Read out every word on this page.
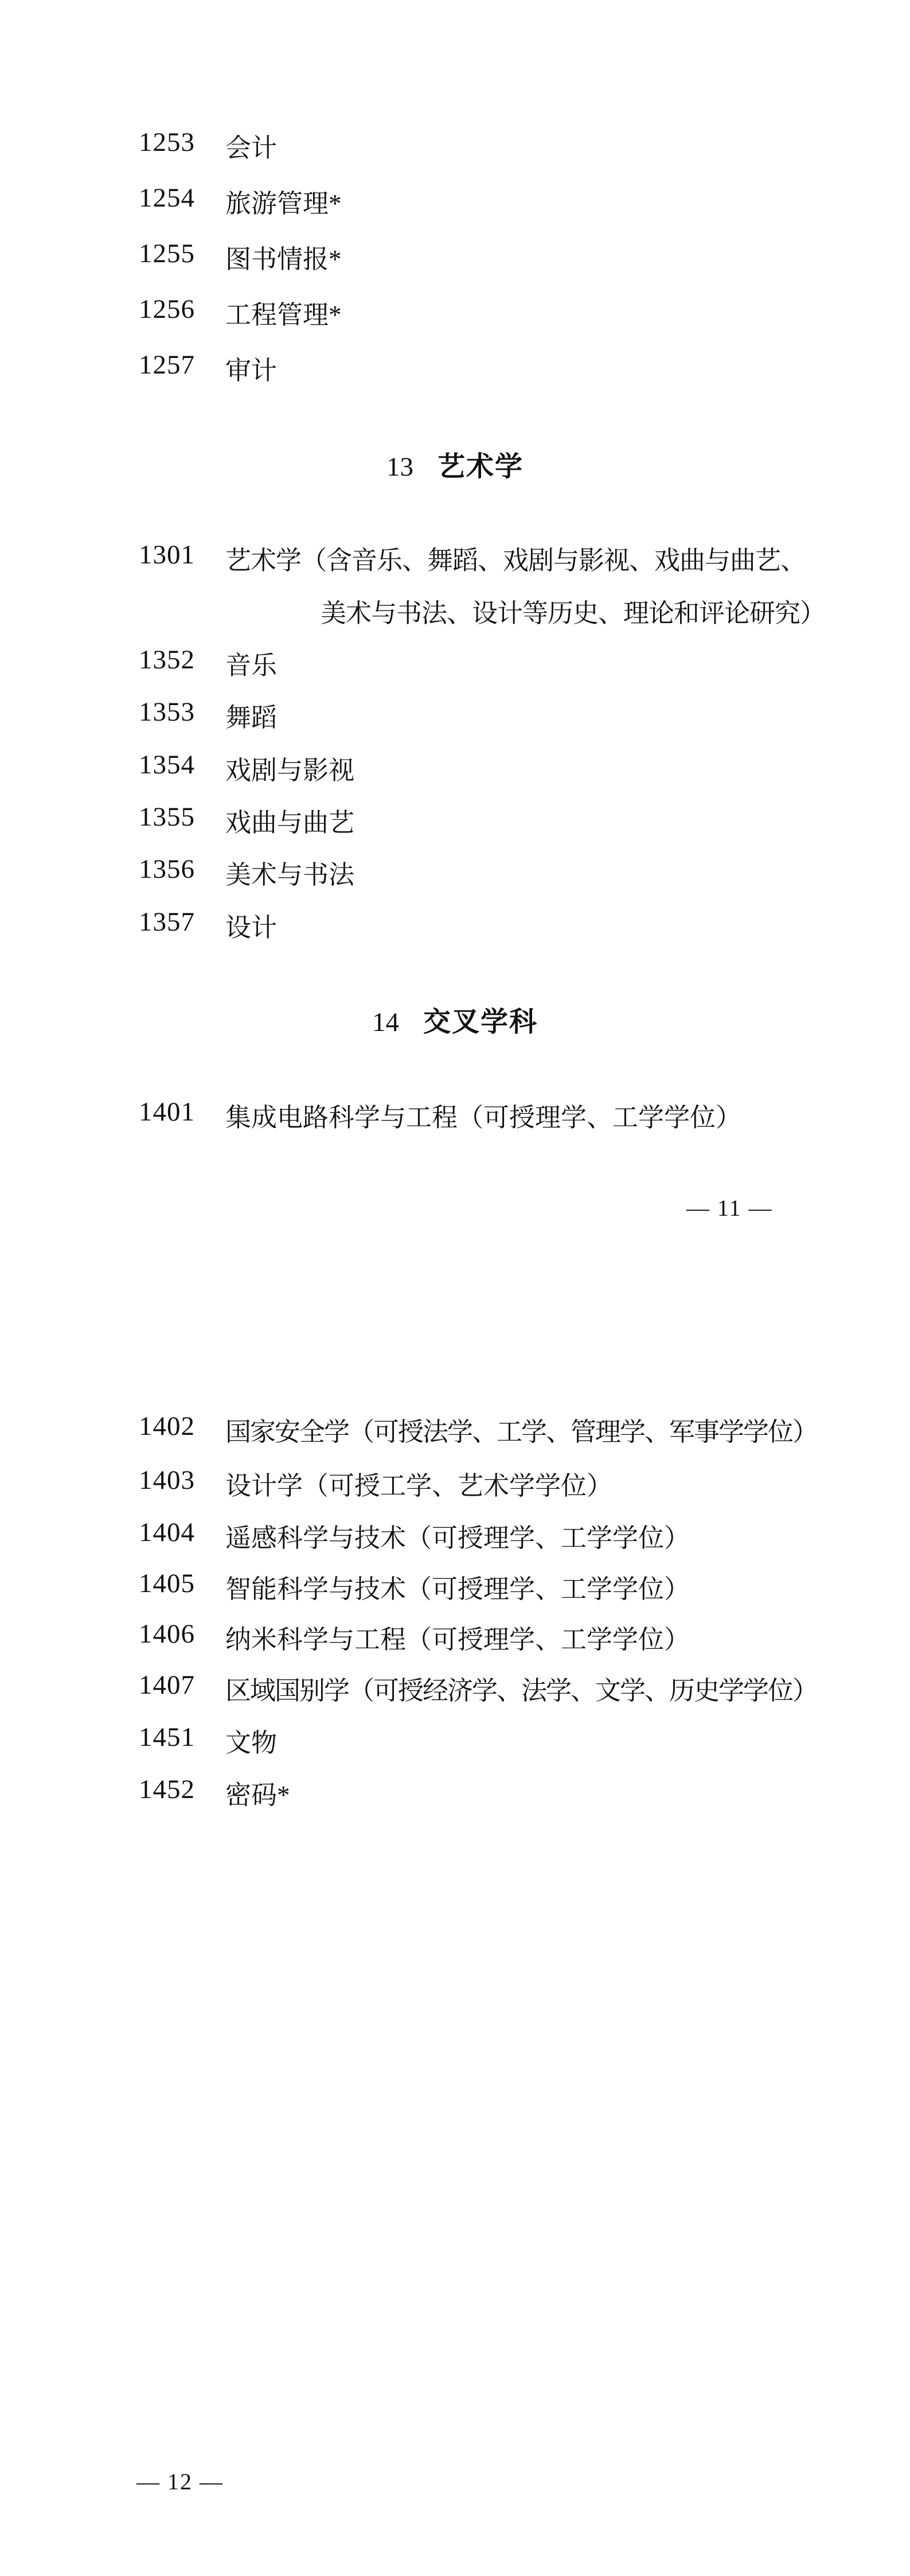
1253 会计
1254 旅游管理*
1255 图书情报*
1256 工程管理*
1257 审计
13 艺术学
1301 艺术学（含音乐、舞蹈、戏剧与影视、戏曲与曲艺、
美术与书法、设计等历史、理论和评论研究）
1352 音乐
1353 舞蹈
1354 戏剧与影视
1355 戏曲与曲艺
1356 美术与书法
1357 设计
14 交叉学科
1401 集成电路科学与工程（可授理学、工学学位）
— 11 —
1402 国家安全学（可授法学、工学、管理学、军事学学位）
1403 设计学（可授工学、艺术学学位）
1404 遥感科学与技术（可授理学、工学学位）
1405 智能科学与技术（可授理学、工学学位）
1406 纳米科学与工程（可授理学、工学学位）
1407 区域国别学（可授经济学、法学、文学、历史学学位）
1451 文物
1452 密码*
— 12 —
